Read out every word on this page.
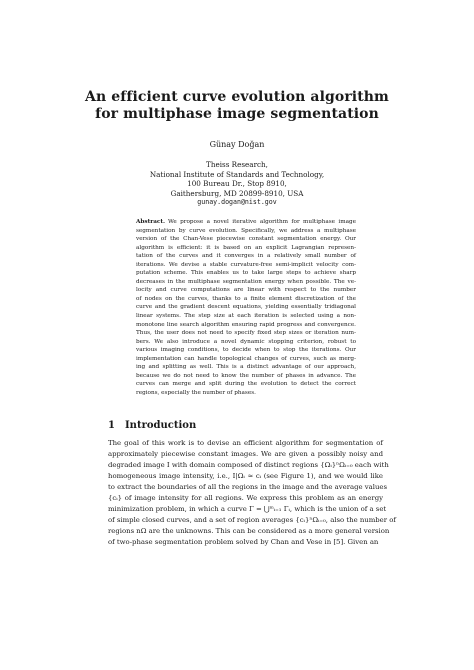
An efficient curve evolution algorithm
for multiphase image segmentation
Günay Doğan
Theiss Research,
National Institute of Standards and Technology,
100 Bureau Dr., Stop 8910,
Gaithersburg, MD 20899-8910, USA
gunay.dogan@nist.gov
Abstract. We propose a novel iterative algorithm for multiphase image
segmentation by curve evolution. Specifically, we address a multiphase
version of the Chan-Vese piecewise constant segmentation energy. Our
algorithm is efficient: it is based on an explicit Lagrangian represen-
tation of the curves and it converges in a relatively small number of
iterations. We devise a stable curvature-free semi-implicit velocity com-
putation scheme. This enables us to take large steps to achieve sharp
decreases in the multiphase segmentation energy when possible. The ve-
locity and curve computations are linear with respect to the number
of nodes on the curves, thanks to a finite element discretization of the
curve and the gradient descent equations, yielding essentially tridiagonal
linear systems. The step size at each iteration is selected using a non-
monotone line search algorithm ensuring rapid progress and convergence.
Thus, the user does not need to specify fixed step sizes or iteration num-
bers. We also introduce a novel dynamic stopping criterion, robust to
various imaging conditions, to decide when to stop the iterations. Our
implementation can handle topological changes of curves, such as merg-
ing and splitting as well. This is a distinct advantage of our approach,
because we do not need to know the number of phases in advance. The
curves can merge and split during the evolution to detect the correct
regions, especially the number of phases.
1 Introduction
The goal of this work is to devise an efficient algorithm for segmentation of
approximately piecewise constant images. We are given a possibly noisy and
degraded image I with domain composed of distinct regions {Ωᵢ}ⁿΩᵢ₌₀ each with
homogeneous image intensity, i.e., I|Ωᵢ ≈ cᵢ (see Figure 1), and we would like
to extract the boundaries of all the regions in the image and the average values
{cᵢ} of image intensity for all regions. We express this problem as an energy
minimization problem, in which a curve Γ = ⋃ᵐᵢ₌₁ Γᵢ, which is the union of a set
of simple closed curves, and a set of region averages {cᵢ}ⁿΩᵢ₌₀, also the number of
regions nΩ are the unknowns. This can be considered as a more general version
of two-phase segmentation problem solved by Chan and Vese in [5]. Given an
